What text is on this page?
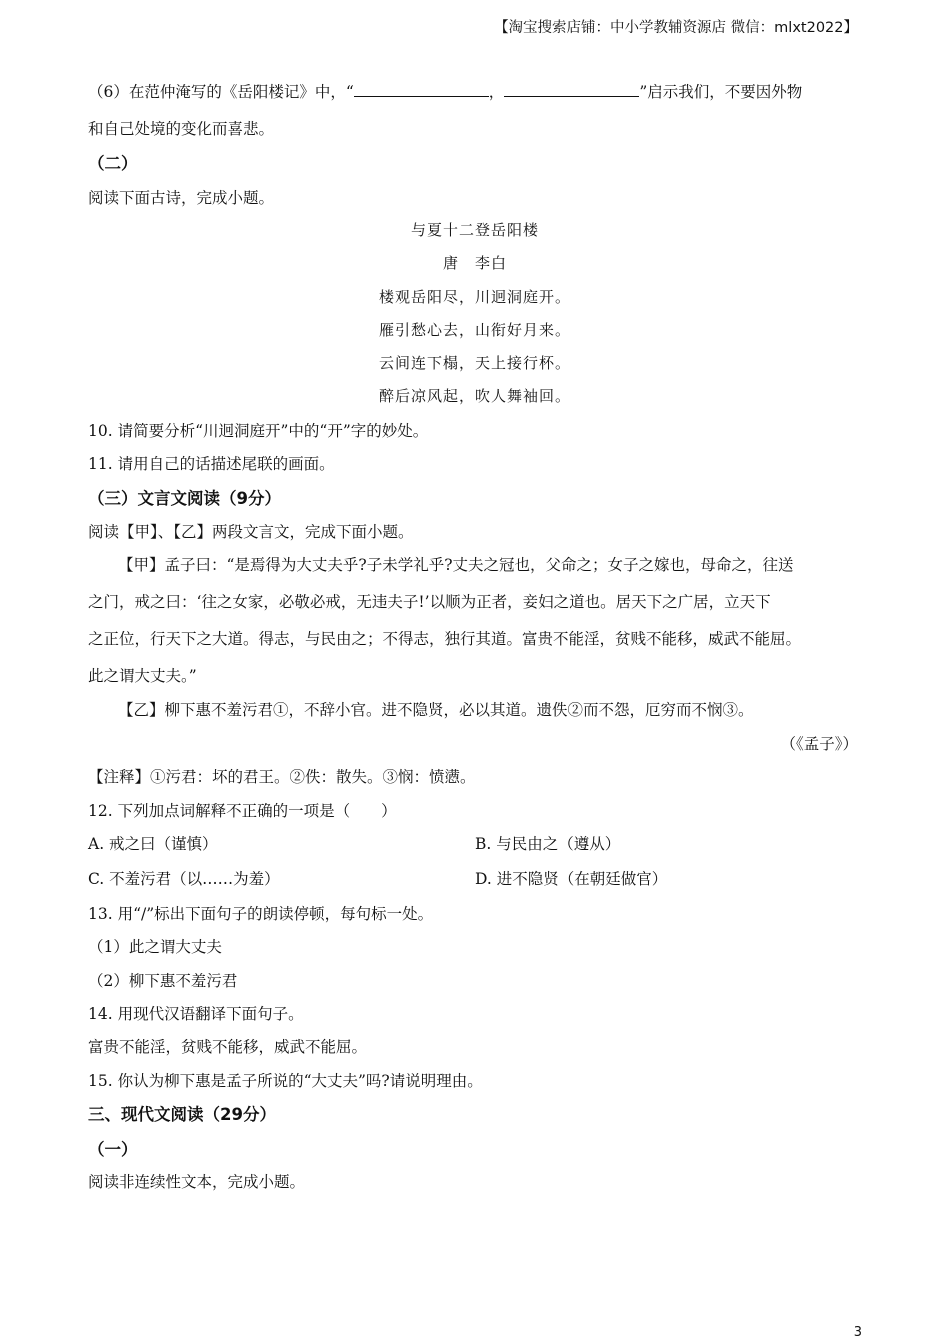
【淘宝搜索店铺：中小学教辅资源店 微信：mlxt2022】
（6）在范仲淹写的《岳阳楼记》中，“	，	”启示我们，不要因外物
和自己处境的变化而喜悲。
（二）
阅读下面古诗，完成小题。
与夏十二登岳阳楼
唐　李白
楼观岳阳尽，川迥洞庭开。
雁引愁心去，山衔好月来。
云间连下榻，天上接行杯。
醉后凉风起，吹人舞袖回。
10. 请简要分析“川迥洞庭开”中的“开”字的妙处。
11. 请用自己的话描述尾联的画面。
（三）文言文阅读（9分）
阅读【甲】、【乙】两段文言文，完成下面小题。
【甲】孟子曰：“是焉得为大丈夫乎?子未学礼乎?丈夫之冠也，父命之；女子之嫁也，母命之，往送
之门，戒之曰：‘往之女家，必敬必戒，无违夫子!’以顺为正者，妾妇之道也。居天下之广居，立天下
之正位，行天下之大道。得志，与民由之；不得志，独行其道。富贵不能淫，贫贱不能移，威武不能屈。
此之谓大丈夫。”
【乙】柳下惠不羞污君①，不辞小官。进不隐贤，必以其道。遗佚②而不怨，厄穷而不悯③。
（《孟子》）
【注释】①污君：坏的君王。②佚：散失。③悯：愤懑。
12. 下列加点词解释不正确的一项是（　　）
A. 戒之曰（谨慎）	B. 与民由之（遵从）
C. 不羞污君（以……为羞）	D. 进不隐贤（在朝廷做官）
13. 用“/”标出下面句子的朗读停顿，每句标一处。
（1）此之谓大丈夫
（2）柳下惠不羞污君
14. 用现代汉语翻译下面句子。
富贵不能淫，贫贱不能移，威武不能屈。
15. 你认为柳下惠是孟子所说的“大丈夫”吗?请说明理由。
三、现代文阅读（29分）
（一）
阅读非连续性文本，完成小题。
3
